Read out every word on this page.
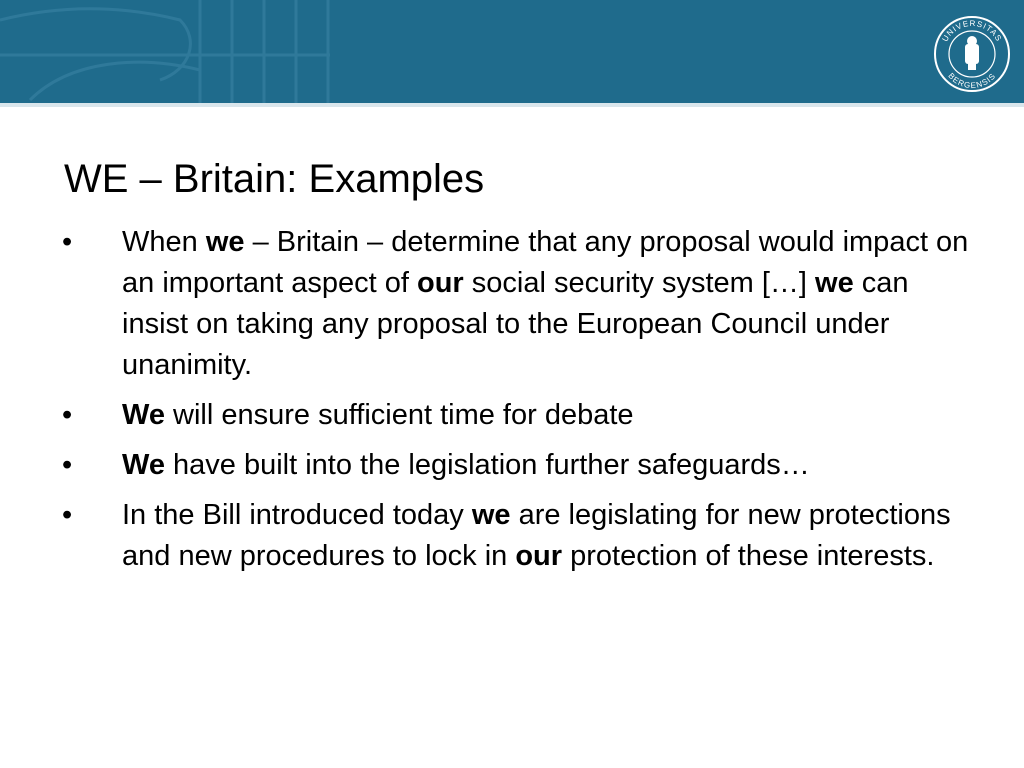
UNIVERSITAS
BERGENSIS
WE – Britain: Examples
•	When we – Britain – determine that any proposal would impact on an important aspect of our social security system […] we can insist on taking any proposal to the European Council under unanimity.
•	We will ensure sufficient time for debate
•	We have built into the legislation further safeguards…
•	In the Bill introduced today we are legislating for new protections and new procedures to lock in our protection of these interests.
